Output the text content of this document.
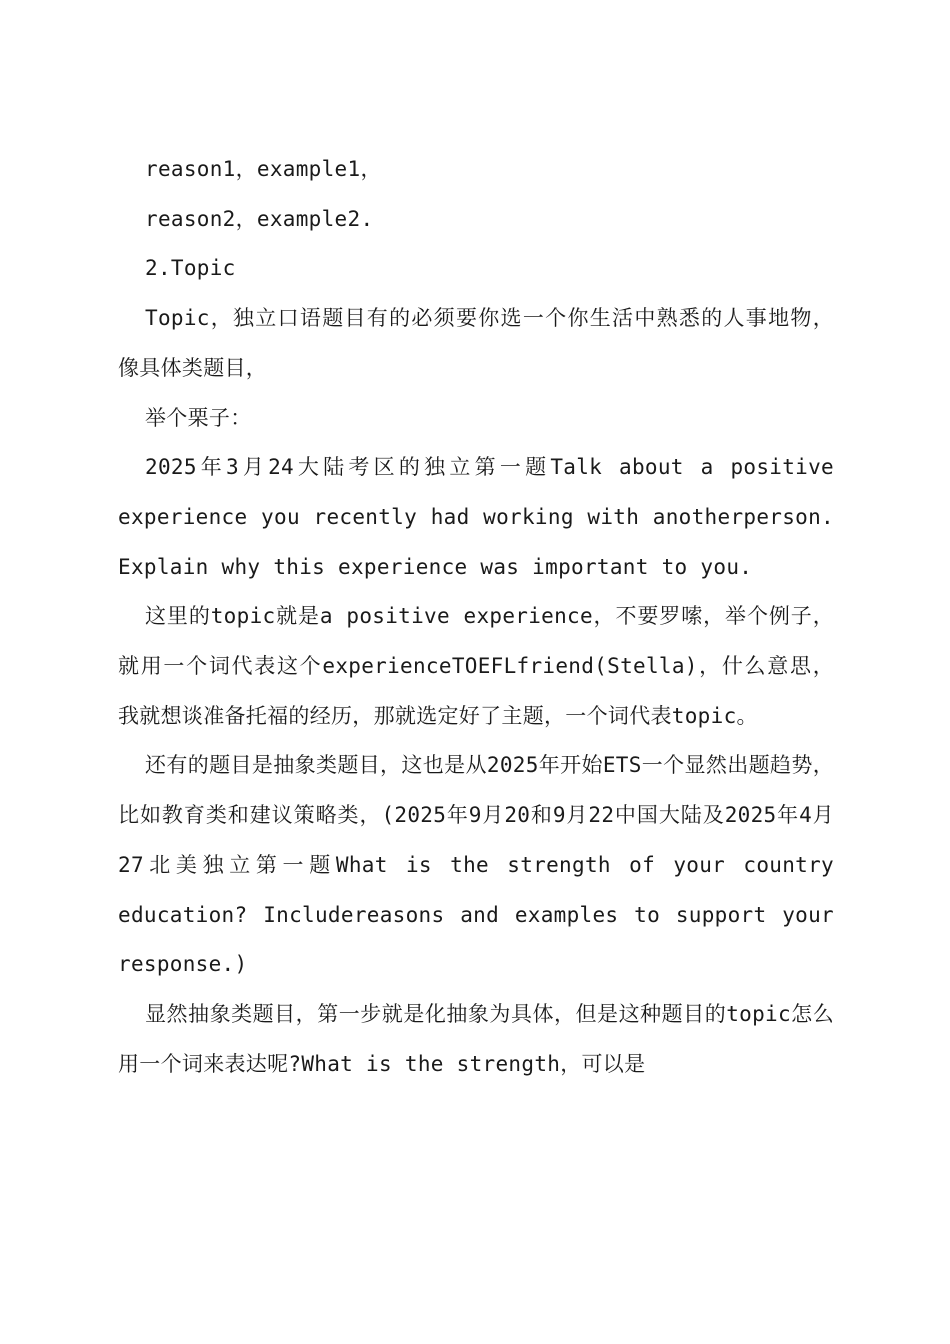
reason1，example1，

reason2，example2.

2.Topic

Topic，独立口语题目有的必须要你选一个你生活中熟悉的人事地物， 像具体类题目，

举个栗子：

2025年3月24大陆考区的独立第一题Talk about a positive experience you recently had working with anotherperson. Explain why this experience was important to you.

这里的topic就是a positive experience，不要罗嗦，举个例子，就用一个词代表这个experienceTOEFLfriend(Stella)，什么意思，我就想谈准备托福的经历，那就选定好了主题，一个词代表topic。

还有的题目是抽象类题目，这也是从2025年开始ETS一个显然出题趋势，比如教育类和建议策略类，(2025年9月20和9月22中国大陆及2025年4月27北美独立第一题What is the strength of your country education? Includereasons and examples to support your response.)

显然抽象类题目，第一步就是化抽象为具体，但是这种题目的topic怎么用一个词来表达呢?What is the strength，可以是
